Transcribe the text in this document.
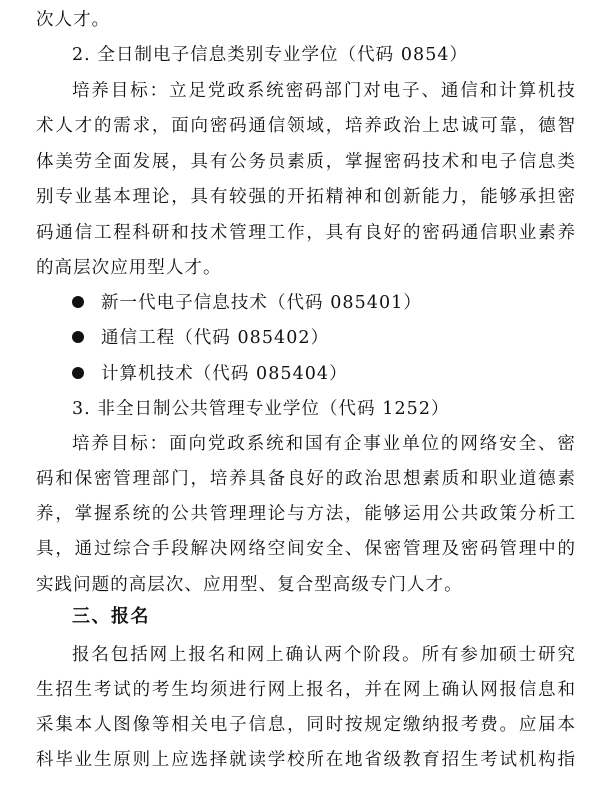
次人才。
2. 全日制电子信息类别专业学位（代码 0854）
培养目标：立足党政系统密码部门对电子、通信和计算机技
术人才的需求，面向密码通信领域，培养政治上忠诚可靠，德智
体美劳全面发展，具有公务员素质，掌握密码技术和电子信息类
别专业基本理论，具有较强的开拓精神和创新能力，能够承担密
码通信工程科研和技术管理工作，具有良好的密码通信职业素养
的高层次应用型人才。
新一代电子信息技术（代码 085401）
通信工程（代码 085402）
计算机技术（代码 085404）
3. 非全日制公共管理专业学位（代码 1252）
培养目标：面向党政系统和国有企事业单位的网络安全、密
码和保密管理部门，培养具备良好的政治思想素质和职业道德素
养，掌握系统的公共管理理论与方法，能够运用公共政策分析工
具，通过综合手段解决网络空间安全、保密管理及密码管理中的
实践问题的高层次、应用型、复合型高级专门人才。
三、报名
报名包括网上报名和网上确认两个阶段。所有参加硕士研究
生招生考试的考生均须进行网上报名，并在网上确认网报信息和
采集本人图像等相关电子信息，同时按规定缴纳报考费。应届本
科毕业生原则上应选择就读学校所在地省级教育招生考试机构指
